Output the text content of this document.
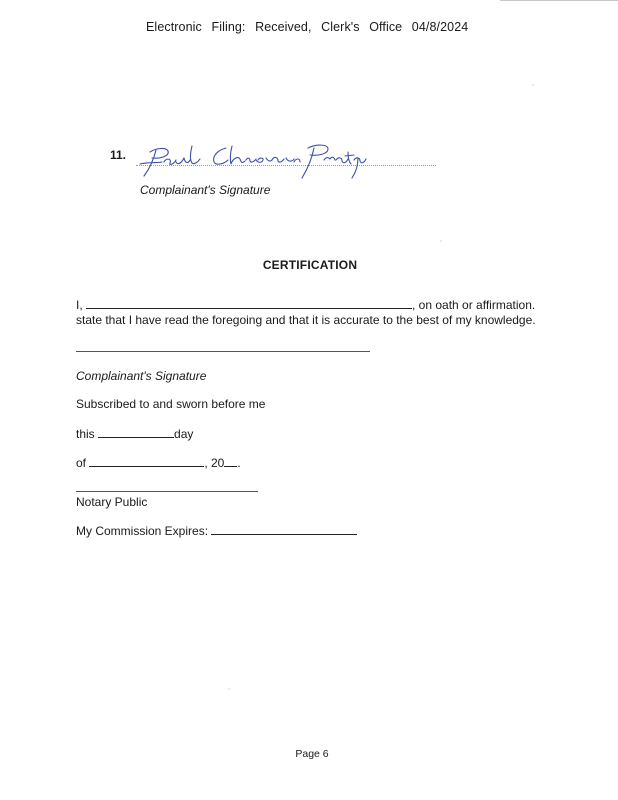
Electronic Filing: Received, Clerk's Office 04/8/2024
11.
Complainant's Signature
CERTIFICATION
I,	, on oath or affirmation.
state that I have read the foregoing and that it is accurate to the best of my knowledge.
Complainant's Signature
Subscribed to and sworn before me
this	day
of	, 20 .
Notary Public
My Commission Expires:
Page 6
